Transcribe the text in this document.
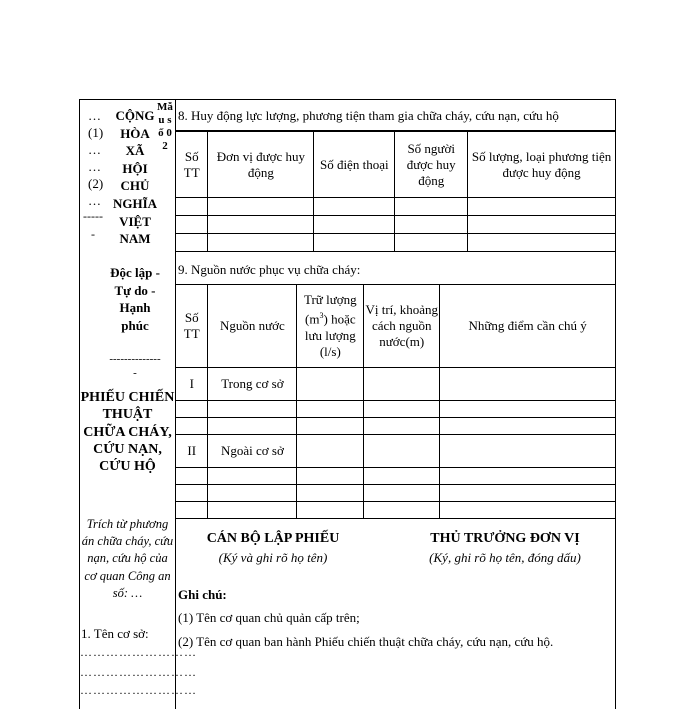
…
(1)
…
…
(2)
…
-----
-
CỘNG HÒA XÃ HỘI CHỦ NGHĨA VIỆT NAM
Mẫu số 02
Độc lập - Tự do - Hạnh phúc
---------------
PHIẾU CHIẾN THUẬT CHỮA CHÁY, CỨU NẠN, CỨU HỘ
Trích từ phương án chữa cháy, cứu nạn, cứu hộ của cơ quan Công an số: …
1. Tên cơ sở:
………………………
………………………
………………………
8. Huy động lực lượng, phương tiện tham gia chữa cháy, cứu nạn, cứu hộ
Số TT	Đơn vị được huy động	Số điện thoại	Số người được huy động	Số lượng, loại phương tiện được huy động

9. Nguồn nước phục vụ chữa cháy:
Số TT	Nguồn nước	Trữ lượng
$(m^3)$ hoặc lưu lượng
(l/s)	Vị trí, khoảng cách nguồn nước(m)	Những điểm cần chú ý
I	Trong cơ sở			

II	Ngoài cơ sở			

CÁN BỘ LẬP PHIẾU
(Ký và ghi rõ họ tên)
THỦ TRƯỞNG ĐƠN VỊ
(Ký, ghi rõ họ tên, đóng dấu)
Ghi chú:
(1) Tên cơ quan chủ quản cấp trên;
(2) Tên cơ quan ban hành Phiếu chiến thuật chữa cháy, cứu nạn, cứu hộ.
